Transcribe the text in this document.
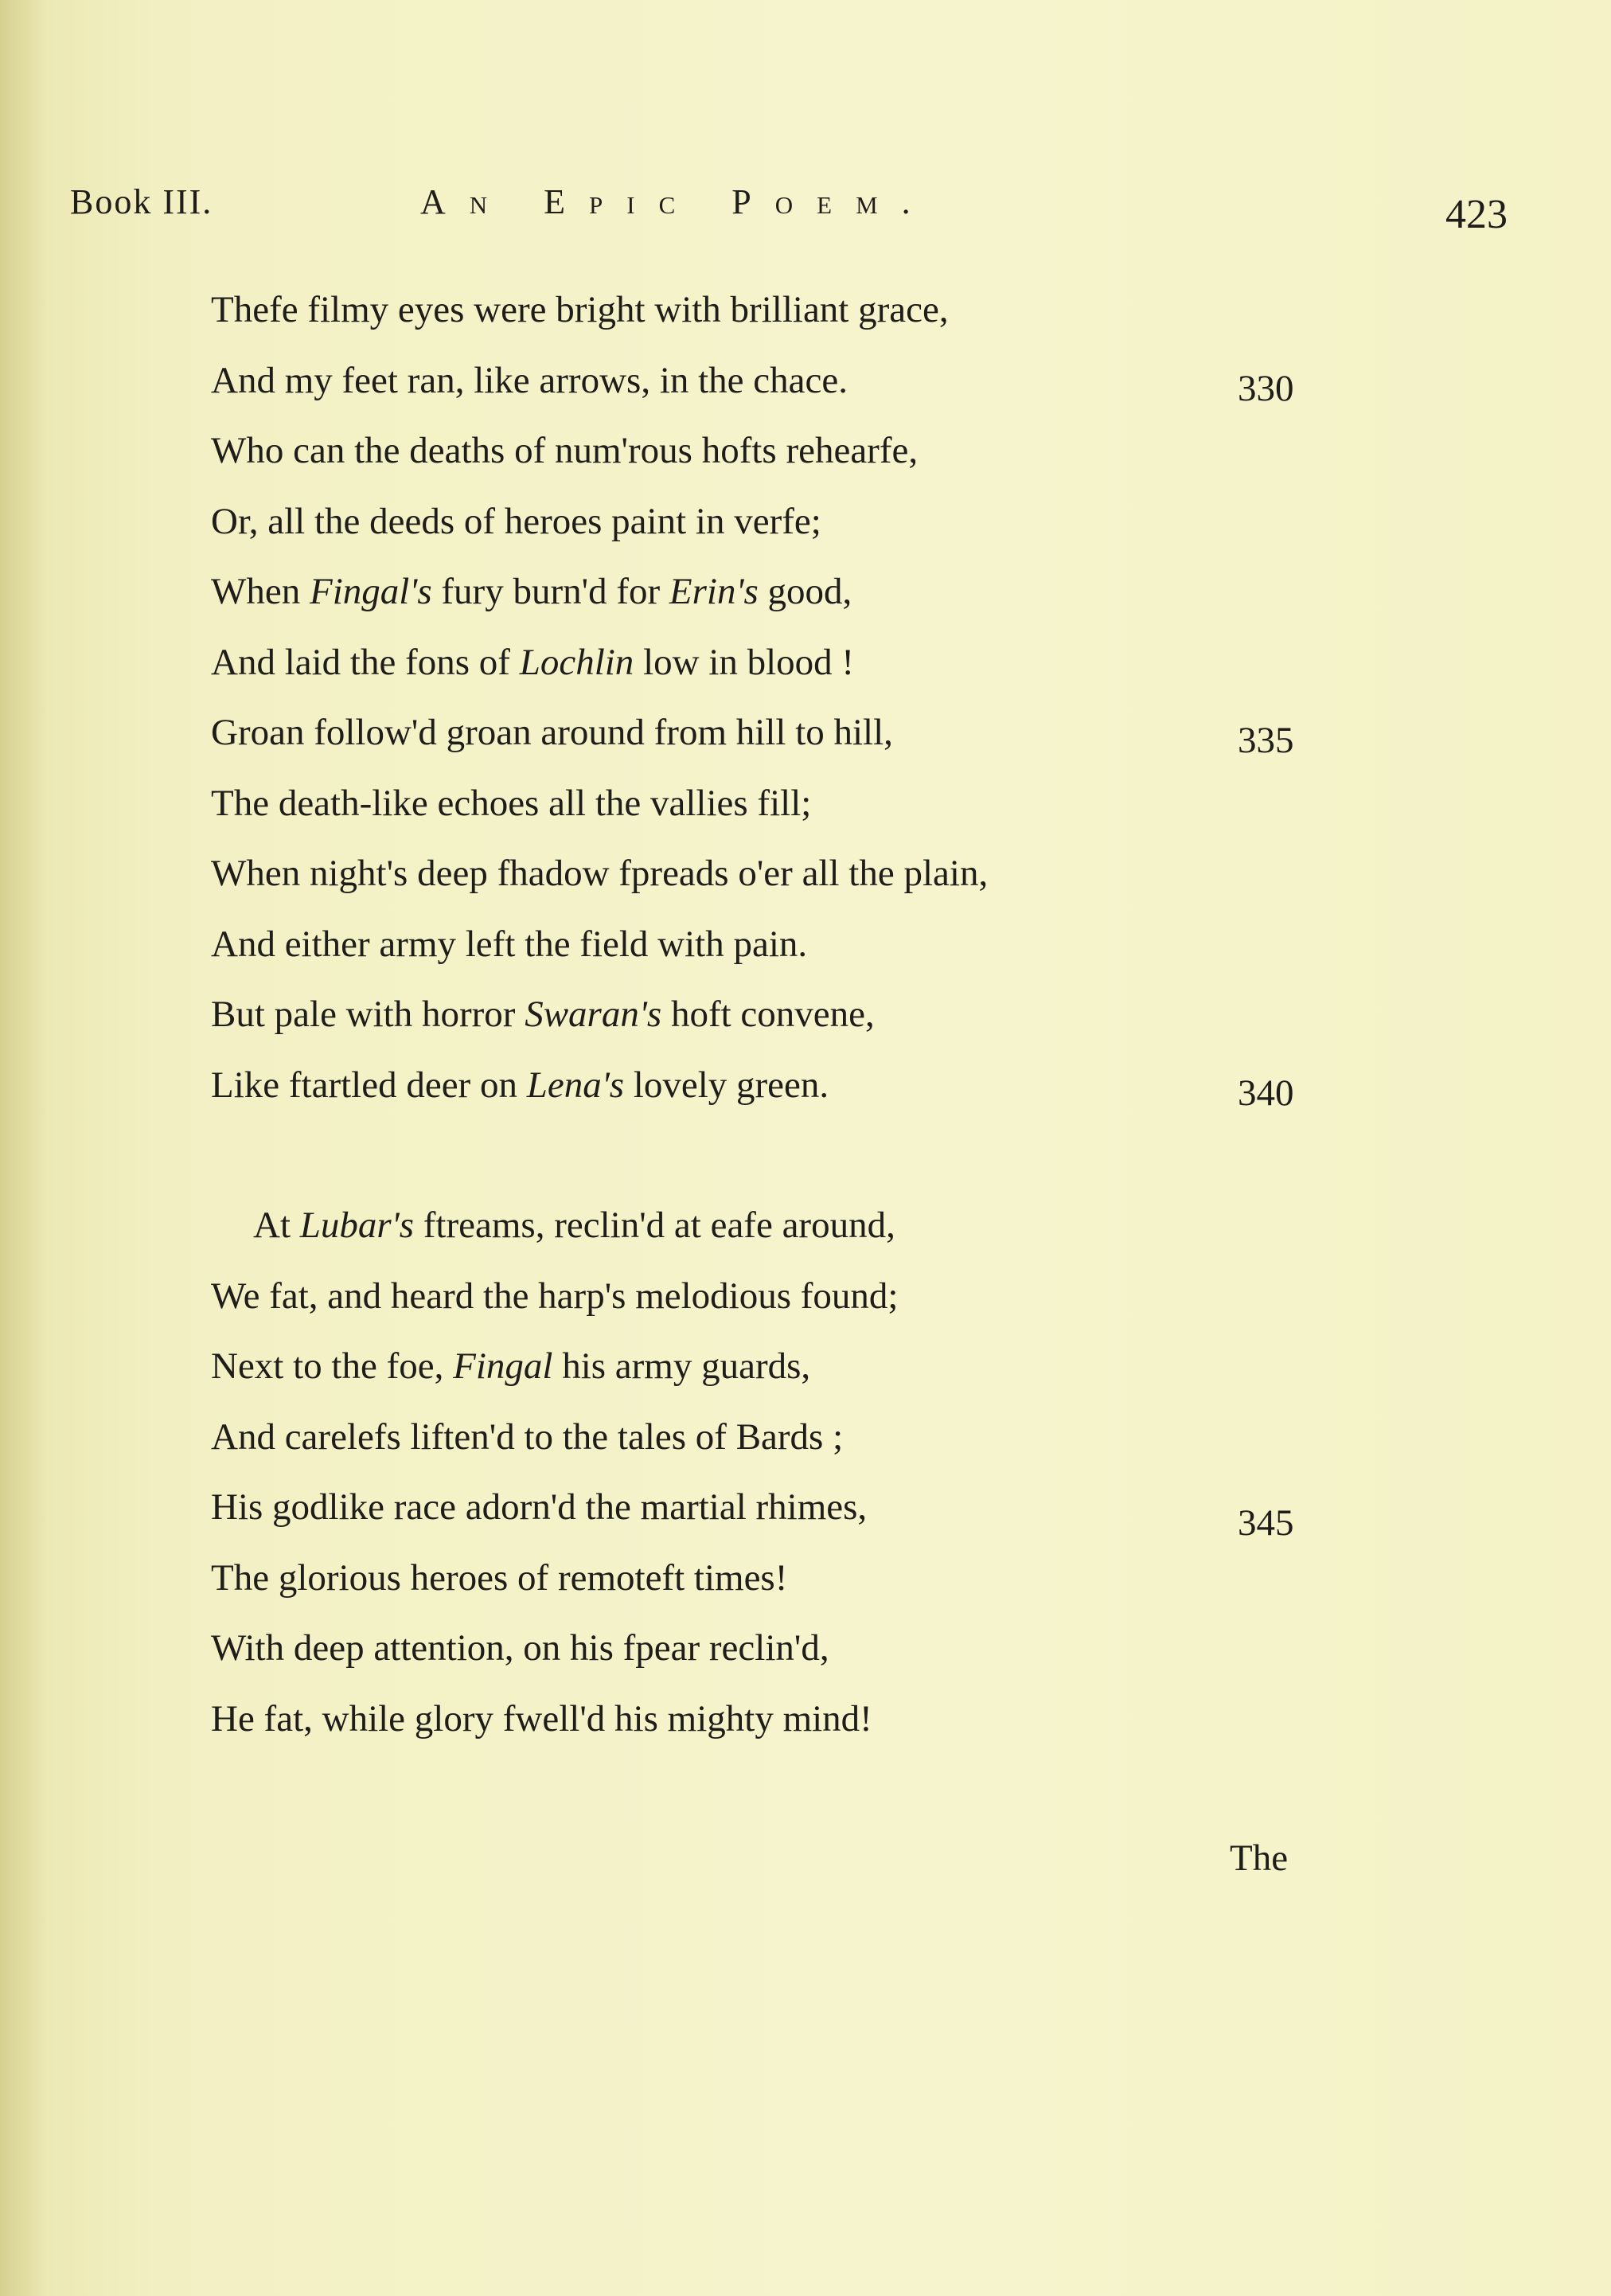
Book III.	An Epic Poem.	423
Thefe filmy eyes were bright with brilliant grace,
And my feet ran, like arrows, in the chace.
Who can the deaths of num'rous hofts rehearfe,
Or, all the deeds of heroes paint in verfe;
When Fingal's fury burn'd for Erin's good,
And laid the fons of Lochlin low in blood !
Groan follow'd groan around from hill to hill,
The death-like echoes all the vallies fill;
When night's deep fhadow fpreads o'er all the plain,
And either army left the field with pain.
But pale with horror Swaran's hoft convene,
Like ftartled deer on Lena's lovely green.
At Lubar's ftreams, reclin'd at eafe around,
We fat, and heard the harp's melodious found;
Next to the foe, Fingal his army guards,
And carelefs liften'd to the tales of Bards ;
His godlike race adorn'd the martial rhimes,
The glorious heroes of remoteft times!
With deep attention, on his fpear reclin'd,
He fat, while glory fwell'd his mighty mind!
330
335
340
345
The
